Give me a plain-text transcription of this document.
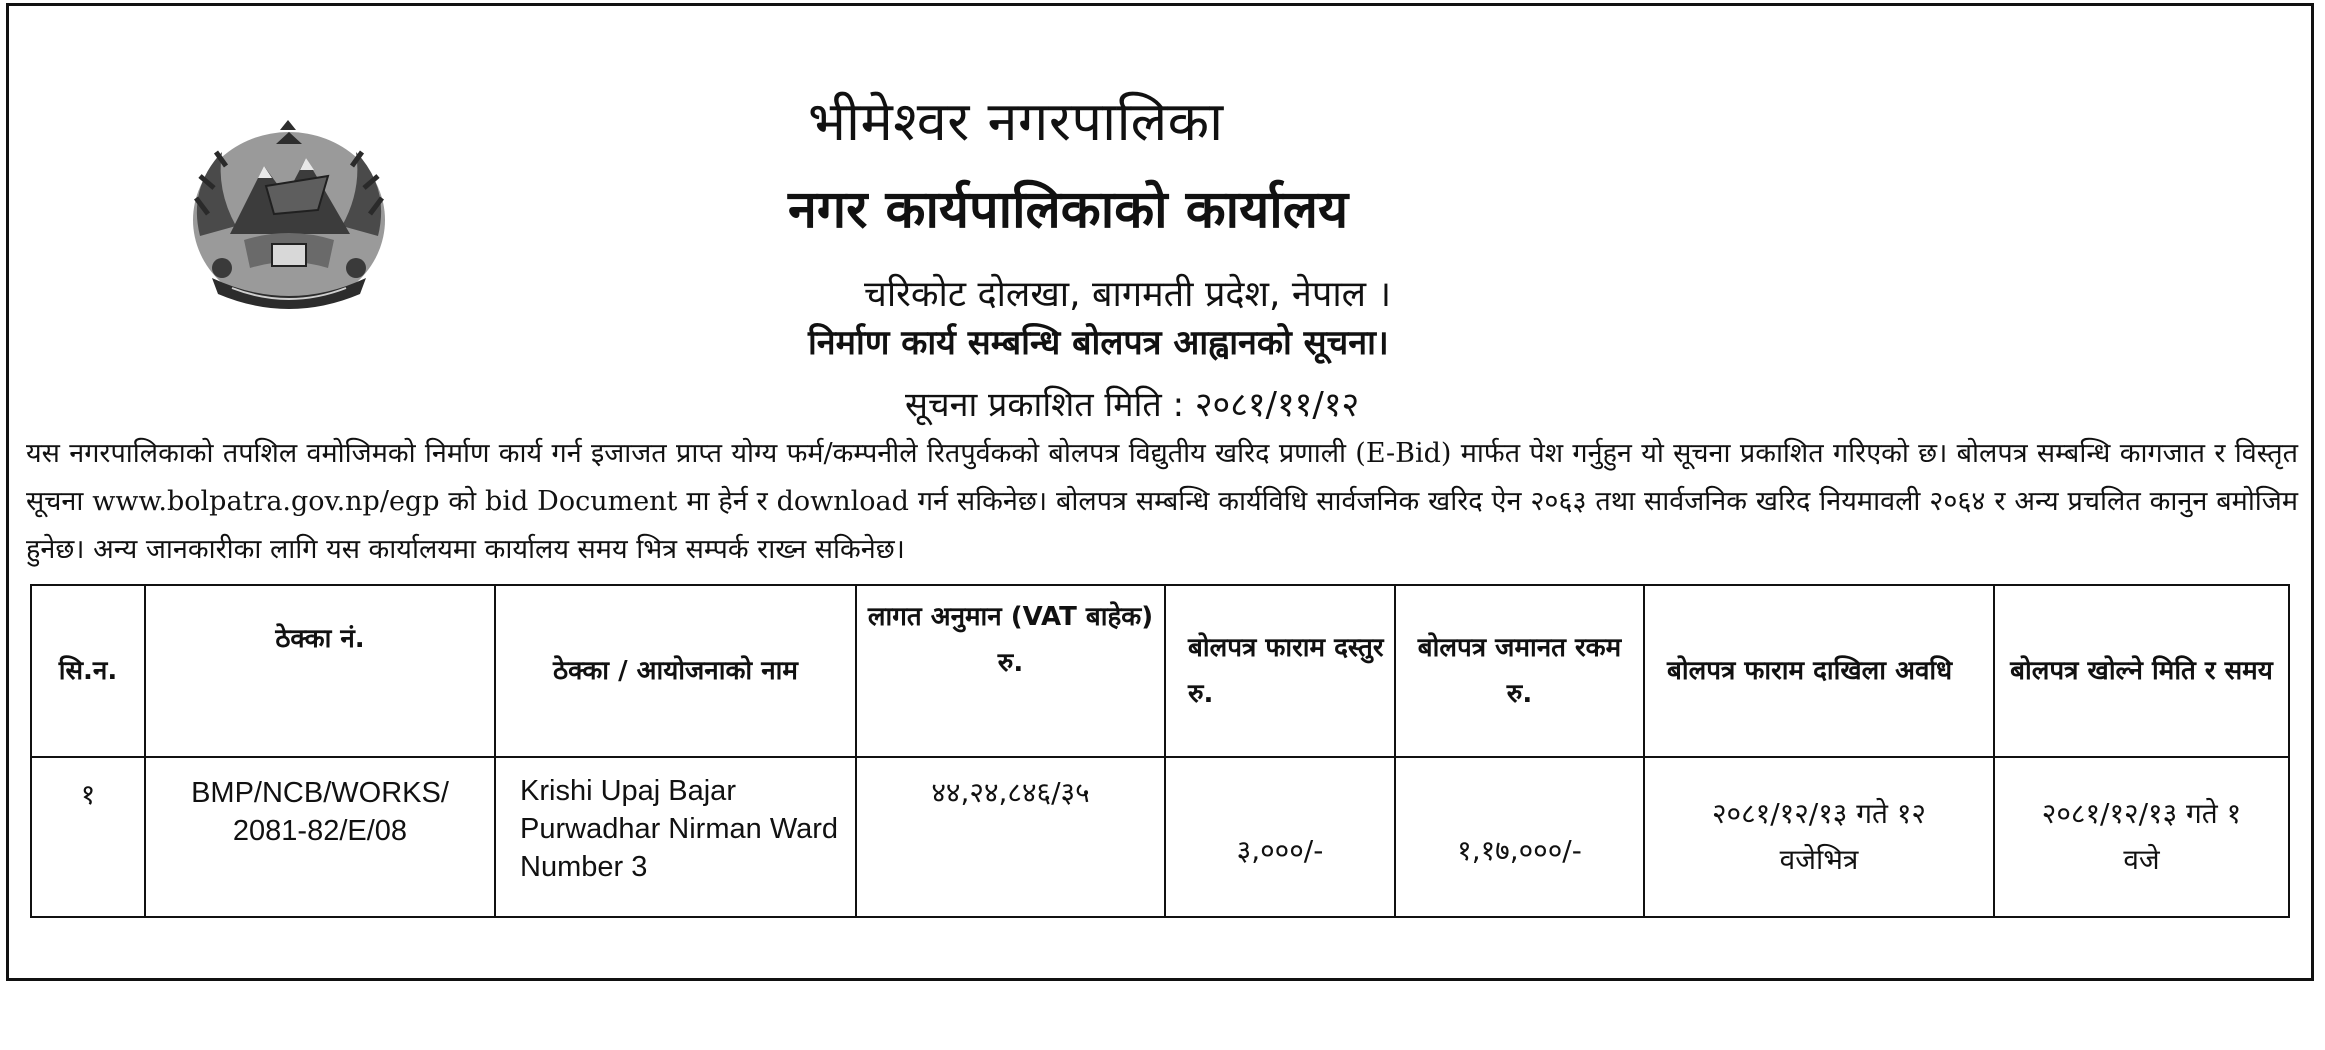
भीमेश्वर नगरपालिका
नगर कार्यपालिकाको कार्यालय
चरिकोट दोलखा, बागमती प्रदेश, नेपाल ।
निर्माण कार्य सम्बन्धि बोलपत्र आह्वानको सूचना।
सूचना प्रकाशित मिति : २०८१/११/१२
यस नगरपालिकाको तपशिल वमोजिमको निर्माण कार्य गर्न इजाजत प्राप्त योग्य फर्म/कम्पनीले रितपुर्वकको बोलपत्र विद्युतीय खरिद प्रणाली (E-Bid) मार्फत पेश गर्नुहुन यो सूचना प्रकाशित गरिएको छ। बोलपत्र सम्बन्धि कागजात र विस्तृत सूचना www.bolpatra.gov.np/egp को bid Document मा हेर्न र download गर्न सकिनेछ। बोलपत्र सम्बन्धि कार्यविधि सार्वजनिक खरिद ऐन २०६३ तथा सार्वजनिक खरिद नियमावली २०६४ र अन्य प्रचलित कानुन बमोजिम हुनेछ। अन्य जानकारीका लागि यस कार्यालयमा कार्यालय समय भित्र सम्पर्क राख्न सकिनेछ।
सि.न.	ठेक्का नं.	ठेक्का / आयोजनाको नाम	लागत अनुमान (VAT बाहेक) रु.	बोलपत्र फाराम दस्तुर रु.	बोलपत्र जमानत रकम रु.	बोलपत्र फाराम दाखिला अवधि	बोलपत्र खोल्ने मिति र समय
१	BMP/NCB/WORKS/ 2081-82/E/08	Krishi Upaj Bajar Purwadhar Nirman Ward Number 3	४४,२४,८४६/३५	३,०००/-	१,१७,०००/-	२०८१/१२/१३ गते १२ वजेभित्र	२०८१/१२/१३ गते १ वजे
